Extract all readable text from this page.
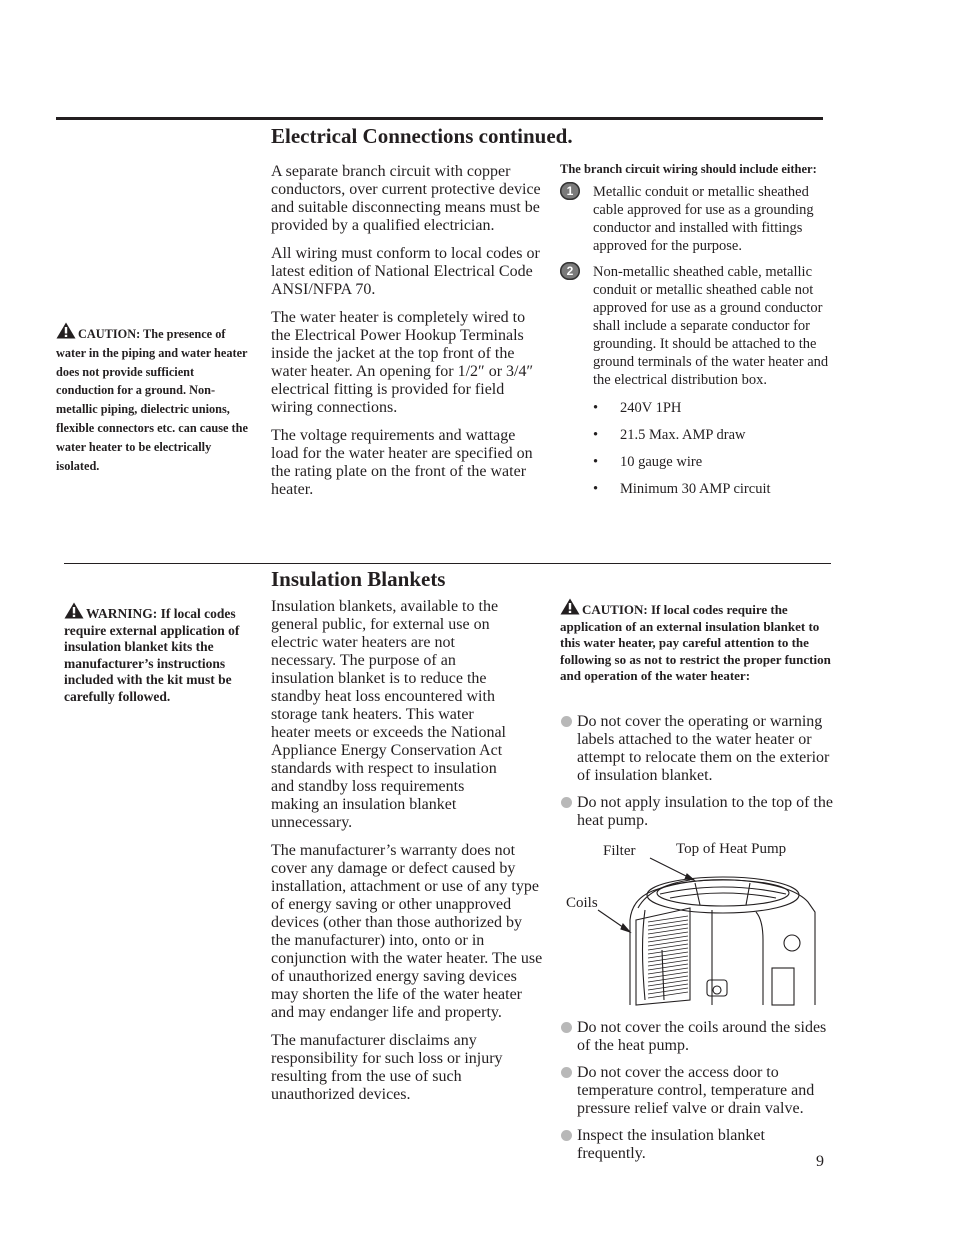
Electrical Connections continued.

A separate branch circuit with copper conductors, over current protective device and suitable disconnecting means must be provided by a qualified electrician.

All wiring must conform to local codes or latest edition of National Electrical Code ANSI/NFPA 70.

The water heater is completely wired to the Electrical Power Hookup Terminals inside the jacket at the top front of the water heater. An opening for 1/2″ or 3/4″ electrical fitting is provided for field wiring connections.

The voltage requirements and wattage load for the water heater are specified on the rating plate on the front of the water heater.

CAUTION: The presence of water in the piping and water heater does not provide sufficient conduction for a ground. Non-metallic piping, dielectric unions, flexible connectors etc. can cause the water heater to be electrically isolated.
The branch circuit wiring should include either:
1	Metallic conduit or metallic sheathed cable approved for use as a grounding conductor and installed with fittings approved for the purpose.
2	Non-metallic sheathed cable, metallic conduit or metallic sheathed cable not approved for use as a ground conductor shall include a separate conductor for grounding. It should be attached to the ground terminals of the water heater and the electrical distribution box.
• 240V 1PH
• 21.5 Max. AMP draw
• 10 gauge wire
• Minimum 30 AMP circuit
Insulation Blankets
WARNING: If local codes require external application of insulation blanket kits the manufacturer’s instructions included with the kit must be carefully followed.

Insulation blankets, available to the general public, for external use on electric water heaters are not necessary. The purpose of an insulation blanket is to reduce the standby heat loss encountered with storage tank heaters. This water heater meets or exceeds the National Appliance Energy Conservation Act standards with respect to insulation and standby loss requirements making an insulation blanket unnecessary.

The manufacturer’s warranty does not cover any damage or defect caused by installation, attachment or use of any type of energy saving or other unapproved devices (other than those authorized by the manufacturer) into, onto or in conjunction with the water heater. The use of unauthorized energy saving devices may shorten the life of the water heater and may endanger life and property.

The manufacturer disclaims any responsibility for such loss or injury resulting from the use of such unauthorized devices.

CAUTION: If local codes require the application of an external insulation blanket to this water heater, pay careful attention to the following so as not to restrict the proper function and operation of the water heater:
Do not cover the operating or warning labels attached to the water heater or attempt to relocate them on the exterior of insulation blanket.
Do not apply insulation to the top of the heat pump.
Filter	Top of Heat Pump
Coils
Do not cover the coils around the sides of the heat pump.
Do not cover the access door to temperature control, temperature and pressure relief valve or drain valve.
Inspect the insulation blanket frequently.	9
